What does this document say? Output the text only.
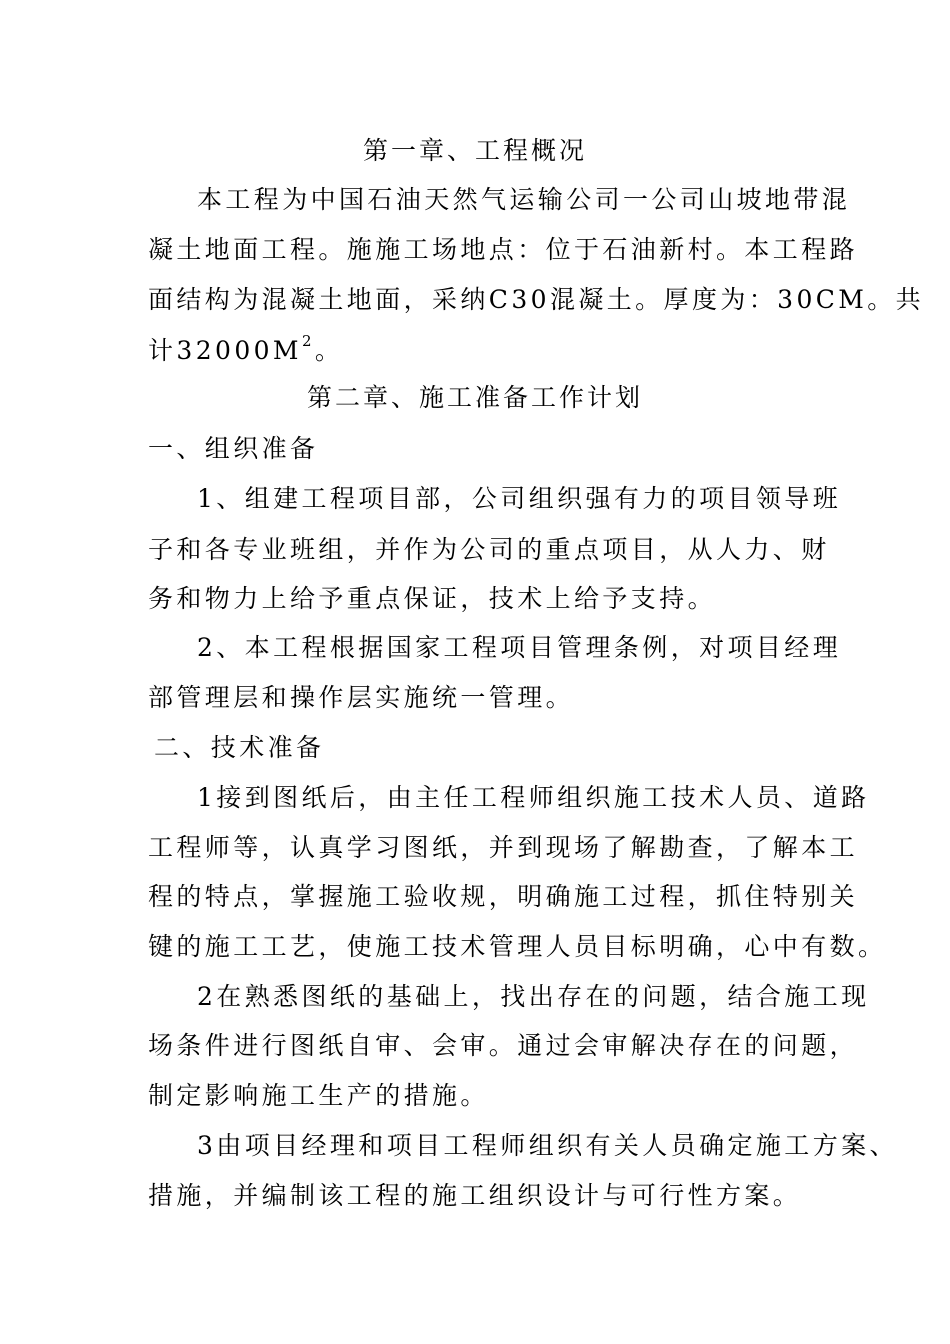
第一章、工程概况
本工程为中国石油天然气运输公司一公司山坡地带混
凝土地面工程。施施工场地点：位于石油新村。本工程路
面结构为混凝土地面，采纳C30混凝土。厚度为：30CM。共
计$32000M^2$。
第二章、施工准备工作计划
一、组织准备
1、组建工程项目部，公司组织强有力的项目领导班
子和各专业班组，并作为公司的重点项目，从人力、财
务和物力上给予重点保证，技术上给予支持。
2、本工程根据国家工程项目管理条例，对项目经理
部管理层和操作层实施统一管理。
二、技术准备
1接到图纸后，由主任工程师组织施工技术人员、道路
工程师等，认真学习图纸，并到现场了解勘查，了解本工
程的特点，掌握施工验收规，明确施工过程，抓住特别关
键的施工工艺，使施工技术管理人员目标明确，心中有数。
2在熟悉图纸的基础上，找出存在的问题，结合施工现
场条件进行图纸自审、会审。通过会审解决存在的问题，
制定影响施工生产的措施。
3由项目经理和项目工程师组织有关人员确定施工方案、
措施，并编制该工程的施工组织设计与可行性方案。
